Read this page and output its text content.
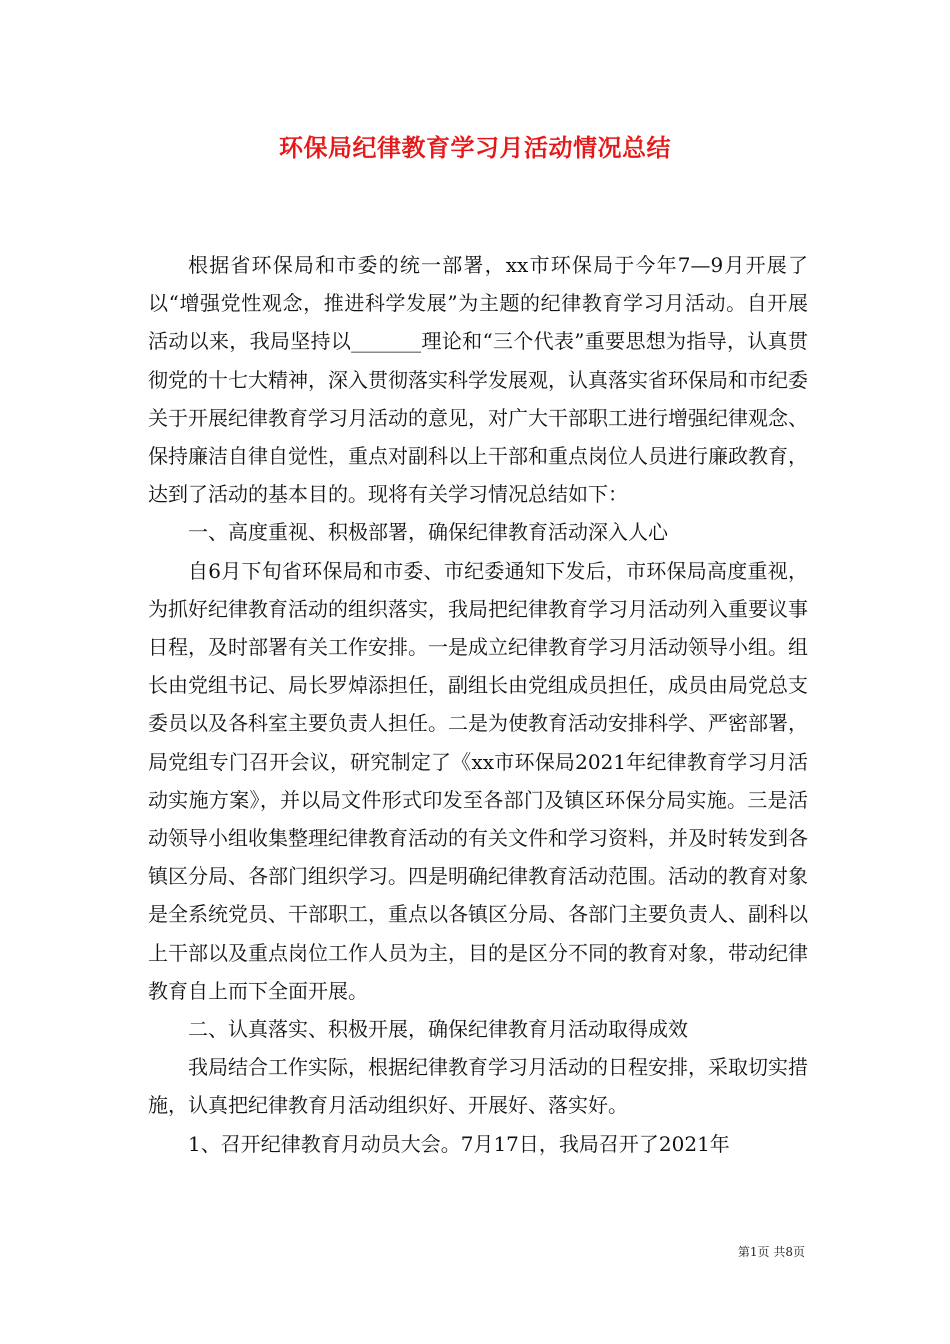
环保局纪律教育学习月活动情况总结

根据省环保局和市委的统一部署，xx市环保局于今年7—9月开展了以“增强党性观念，推进科学发展”为主题的纪律教育学习月活动。自开展活动以来，我局坚持以_______理论和“三个代表”重要思想为指导，认真贯彻党的十七大精神，深入贯彻落实科学发展观，认真落实省环保局和市纪委关于开展纪律教育学习月活动的意见，对广大干部职工进行增强纪律观念、保持廉洁自律自觉性，重点对副科以上干部和重点岗位人员进行廉政教育，达到了活动的基本目的。现将有关学习情况总结如下：

一、高度重视、积极部署，确保纪律教育活动深入人心

自6月下旬省环保局和市委、市纪委通知下发后，市环保局高度重视，为抓好纪律教育活动的组织落实，我局把纪律教育学习月活动列入重要议事日程，及时部署有关工作安排。一是成立纪律教育学习月活动领导小组。组长由党组书记、局长罗焯添担任，副组长由党组成员担任，成员由局党总支委员以及各科室主要负责人担任。二是为使教育活动安排科学、严密部署，局党组专门召开会议，研究制定了《xx市环保局2021年纪律教育学习月活动实施方案》，并以局文件形式印发至各部门及镇区环保分局实施。三是活动领导小组收集整理纪律教育活动的有关文件和学习资料，并及时转发到各镇区分局、各部门组织学习。四是明确纪律教育活动范围。活动的教育对象是全系统党员、干部职工，重点以各镇区分局、各部门主要负责人、副科以上干部以及重点岗位工作人员为主，目的是区分不同的教育对象，带动纪律教育自上而下全面开展。

二、认真落实、积极开展，确保纪律教育月活动取得成效

我局结合工作实际，根据纪律教育学习月活动的日程安排，采取切实措施，认真把纪律教育月活动组织好、开展好、落实好。

1、召开纪律教育月动员大会。7月17日，我局召开了2021年

第1页 共8页
